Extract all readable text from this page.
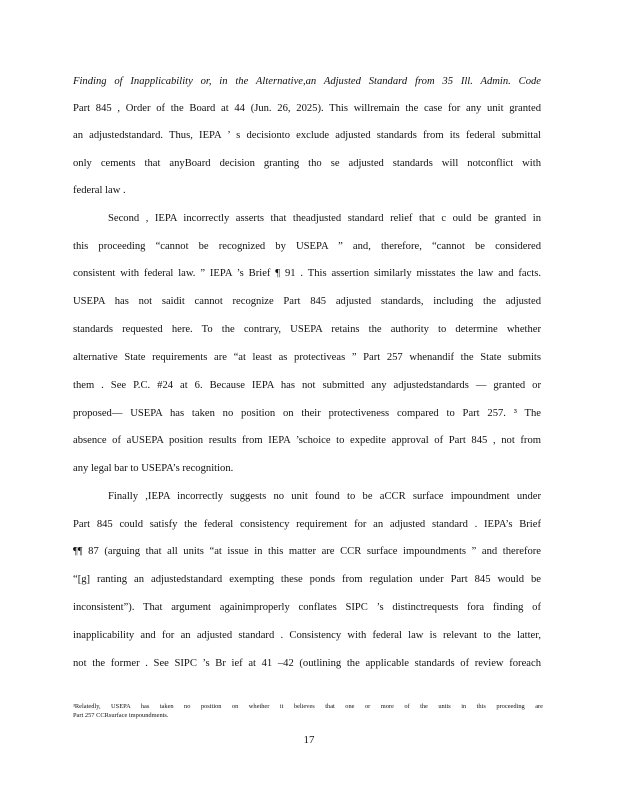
Finding of Inapplicability or, in the Alternative,an Adjusted Standard from 35 Ill. Admin. Code
Part 845 , Order of the Board at 44 (Jun. 26, 2025). This willremain the case for any unit granted
an adjustedstandard. Thus, IEPA ’ s decisionto exclude adjusted standards from its federal submittal
only cements that anyBoard decision granting tho se adjusted standards will notconflict with
federal law .
Second , IEPA incorrectly asserts that theadjusted standard relief that c ould be granted in
this proceeding “cannot be recognized by USEPA ” and, therefore, “cannot be considered
consistent with federal law. ” IEPA ’s Brief ¶ 91 . This assertion similarly misstates the law and facts.
USEPA has not saidit cannot recognize Part 845 adjusted standards, including the adjusted
standards requested here. To the contrary, USEPA retains the authority to determine whether
alternative State requirements are “at least as protectiveas ” Part 257 whenandif the State submits
them . See P.C. #24 at 6. Because IEPA has not submitted any adjustedstandards — granted or
proposed— USEPA has taken no position on their protectiveness compared to Part 257. ³ The
absence of aUSEPA position results from IEPA ’schoice to expedite approval of Part 845 , not from
any legal bar to USEPA’s recognition.
Finally ,IEPA incorrectly suggests no unit found to be aCCR surface impoundment under
Part 845 could satisfy the federal consistency requirement for an adjusted standard . IEPA’s Brief
¶¶ 87 (arguing that all units “at issue in this matter are CCR surface impoundments ” and therefore
“[g] ranting an adjustedstandard exempting these ponds from regulation under Part 845 would be
inconsistent”). That argument againimproperly conflates SIPC ’s distinctrequests fora finding of
inapplicability and for an adjusted standard . Consistency with federal law is relevant to the latter,
not the former . See SIPC ’s Br ief at 41 –42 (outlining the applicable standards of review foreach
³Relatedly, USEPA has taken no position on whether it believes that one or more of the units in this proceeding are
Part 257 CCRsurface impoundments.
17
